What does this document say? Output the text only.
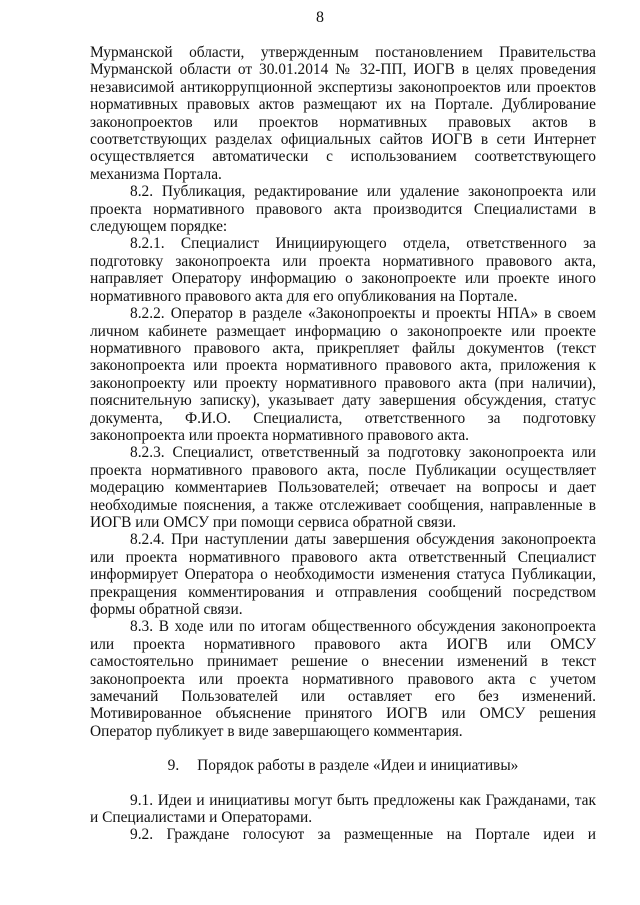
8

Мурманской области, утвержденным постановлением Правительства Мурманской области от 30.01.2014 № 32-ПП, ИОГВ в целях проведения независимой антикоррупционной экспертизы законопроектов или проектов нормативных правовых актов размещают их на Портале. Дублирование законопроектов или проектов нормативных правовых актов в соответствующих разделах официальных сайтов ИОГВ в сети Интернет осуществляется автоматически с использованием соответствующего механизма Портала.

8.2. Публикация, редактирование или удаление законопроекта или проекта нормативного правового акта производится Специалистами в следующем порядке:

8.2.1. Специалист Инициирующего отдела, ответственного за подготовку законопроекта или проекта нормативного правового акта, направляет Оператору информацию о законопроекте или проекте иного нормативного правового акта для его опубликования на Портале.

8.2.2. Оператор в разделе «Законопроекты и проекты НПА» в своем личном кабинете размещает информацию о законопроекте или проекте нормативного правового акта, прикрепляет файлы документов (текст законопроекта или проекта нормативного правового акта, приложения к законопроекту или проекту нормативного правового акта (при наличии), пояснительную записку), указывает дату завершения обсуждения, статус документа, Ф.И.О. Специалиста, ответственного за подготовку законопроекта или проекта нормативного правового акта.

8.2.3. Специалист, ответственный за подготовку законопроекта или проекта нормативного правового акта, после Публикации осуществляет модерацию комментариев Пользователей; отвечает на вопросы и дает необходимые пояснения, а также отслеживает сообщения, направленные в ИОГВ или ОМСУ при помощи сервиса обратной связи.

8.2.4. При наступлении даты завершения обсуждения законопроекта или проекта нормативного правового акта ответственный Специалист информирует Оператора о необходимости изменения статуса Публикации, прекращения комментирования и отправления сообщений посредством формы обратной связи.

8.3. В ходе или по итогам общественного обсуждения законопроекта или проекта нормативного правового акта ИОГВ или ОМСУ самостоятельно принимает решение о внесении изменений в текст законопроекта или проекта нормативного правового акта с учетом замечаний Пользователей или оставляет его без изменений. Мотивированное объяснение принятого ИОГВ или ОМСУ решения Оператор публикует в виде завершающего комментария.

9. Порядок работы в разделе «Идеи и инициативы»

9.1. Идеи и инициативы могут быть предложены как Гражданами, так и Специалистами и Операторами.

9.2. Граждане голосуют за размещенные на Портале идеи и
